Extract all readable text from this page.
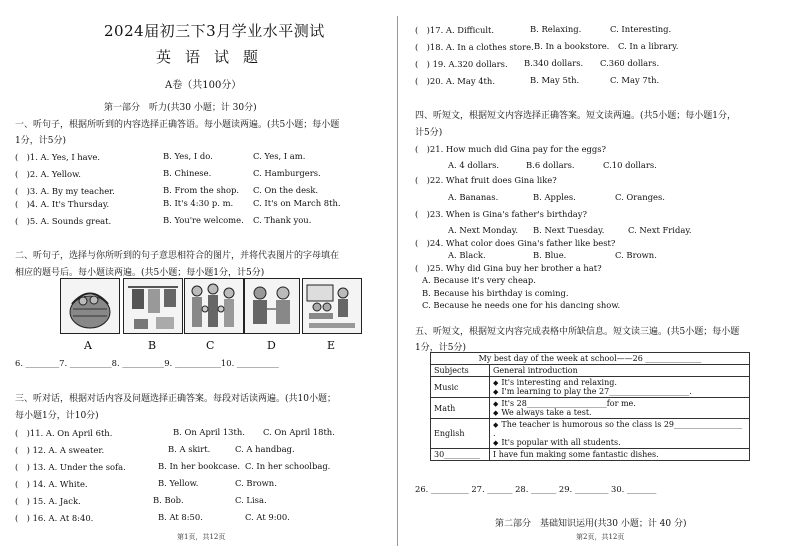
2024届初三下3月学业水平测试
英语试题
A卷（共100分）
第一部分　听力(共30 小题；计 30分)
一、听句子，根据所听到的内容选择正确答语。每小题读两遍。(共5小题；每小题
1分，计5分)
(　)1. A. Yes, I have.	B. Yes, I do.	C. Yes, I am.
(　)2. A. Yellow.	B. Chinese.	C. Hamburgers.
(　)3. A. By my teacher.	B. From the shop. C. On the desk.
(　)4. A. It's Thursday.	B. It's 4:30 p. m. C. It's on March 8th.
(　)5. A. Sounds great.	B. You're welcome. C. Thank you.
二、听句子，选择与你所听到的句子意思相符合的图片，并将代表图片的字母填在
相应的题号后。每小题读两遍。(共5小题；每小题1分，计5分)
A	B	C	D	E
6. ________7. __________8. __________9. ___________10. __________
三、听对话，根据对话内容及问题选择正确答案。每段对话读两遍。(共10小题；
每小题1分，计10分)
(　)11. A. On April 6th.	B. On April 13th. C. On April 18th.
(　) 12. A. A sweater.	B. A skirt.	C. A handbag.
(　) 13. A. Under the sofa.	B. In her bookcase. C. In her schoolbag.
(　) 14. A. White.	B. Yellow.	C. Brown.
(　) 15. A. Jack.	B. Bob.	C. Lisa.
(　) 16. A. At 8:40.	B. At 8:50.	C. At 9:00.
第1页，共12页
(　)17. A. Difficult.	B. Relaxing.	C. Interesting.
(　)18. A. In a clothes store. B. In a bookstore. C. In a library.
(　) 19. A.320 dollars. B.340 dollars. C.360 dollars.
(　)20. A. May 4th.	B. May 5th.	C. May 7th.
四、听短文，根据短文内容选择正确答案。短文读两遍。(共5小题；每小题1分，
计5分)
(　)21. How much did Gina pay for the eggs?
A. 4 dollars.	B.6 dollars.	C.10 dollars.
(　)22. What fruit does Gina like?
A. Bananas.	B. Apples.	C. Oranges.
(　)23. When is Gina's father's birthday?
A. Next Monday. B. Next Tuesday.	C. Next Friday.
(　)24. What color does Gina's father like best?
A. Black.	B. Blue.	C. Brown.
(　)25. Why did Gina buy her brother a hat?
A. Because it's very cheap.
B. Because his birthday is coming.
C. Because he needs one for his dancing show.
五、听短文，根据短文内容完成表格中所缺信息。短文读三遍。(共5小题；每小题
1分，计5分)
26. _________ 27. ______ 28. ______ 29. ________ 30. _______
第二部分　基础知识运用(共30 小题；计 40 分)
第2页，共12页
My best day of the week at school——26 ______________	
Subjects	General introduction
Music	◆ It's interesting and relaxing.
◆ I'm learning to play the 27____________________.

Math	◆ It's 28____________________for me.
◆ We always take a test.

English	◆ The teacher is humorous so the class is 29_________________ .
◆ It's popular with all students.

30_________	I have fun making some fantastic dishes.
